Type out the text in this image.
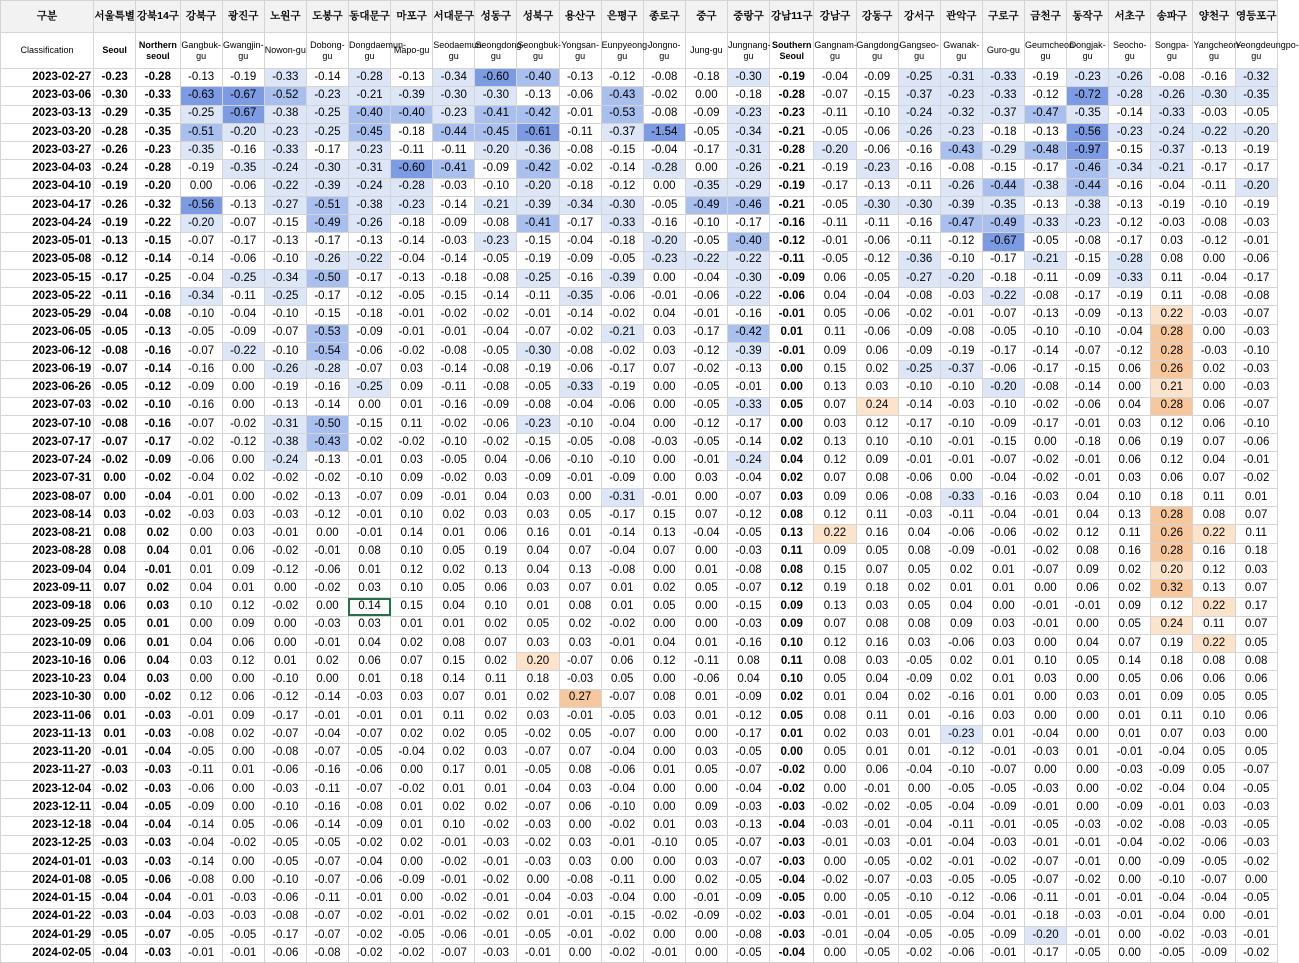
구분	서울특별	강북14구	강북구	광진구	노원구	도봉구	동대문구	마포구	서대문구	성동구	성북구	용산구	은평구	종로구	중구	중랑구	강남11구	강남구	강동구	강서구	관악구	구로구	금천구	동작구	서초구	송파구	양천구	영등포구
Classification	Seoul	Northern seoul	Gangbuk-gu	Gwangjin-gu	Nowon-gu	Dobong-gu	Dongdaemun-gu	Mapo-gu	Seodaemun-gu	Seongdong-gu	Seongbuk-gu	Yongsan-gu	Eunpyeong-gu	Jongno-gu	Jung-gu	Jungnang-gu	Southern Seoul	Gangnam-gu	Gangdong-gu	Gangseo-gu	Gwanak-gu	Guro-gu	Geumcheon-gu	Dongjak-gu	Seocho-gu	Songpa-gu	Yangcheon-gu	Yeongdeungpo-gu
2023-02-27	-0.23	-0.28	-0.13	-0.19	-0.33	-0.14	-0.28	-0.13	-0.34	-0.60	-0.40	-0.13	-0.12	-0.08	-0.18	-0.30	-0.19	-0.04	-0.09	-0.25	-0.31	-0.33	-0.19	-0.23	-0.26	-0.08	-0.16	-0.32
2023-03-06	-0.30	-0.33	-0.63	-0.67	-0.52	-0.23	-0.21	-0.39	-0.30	-0.30	-0.13	-0.06	-0.43	-0.02	0.00	-0.18	-0.28	-0.07	-0.15	-0.37	-0.23	-0.33	-0.12	-0.72	-0.28	-0.26	-0.30	-0.35
2023-03-13	-0.29	-0.35	-0.25	-0.67	-0.38	-0.25	-0.40	-0.40	-0.23	-0.41	-0.42	-0.01	-0.53	-0.08	-0.09	-0.23	-0.23	-0.11	-0.10	-0.24	-0.32	-0.37	-0.47	-0.35	-0.14	-0.33	-0.03	-0.05
2023-03-20	-0.28	-0.35	-0.51	-0.20	-0.23	-0.25	-0.45	-0.18	-0.44	-0.45	-0.61	-0.11	-0.37	-1.54	-0.05	-0.34	-0.21	-0.05	-0.06	-0.26	-0.23	-0.18	-0.13	-0.56	-0.23	-0.24	-0.22	-0.20
2023-03-27	-0.26	-0.23	-0.35	-0.16	-0.33	-0.17	-0.23	-0.11	-0.11	-0.20	-0.36	-0.08	-0.15	-0.04	-0.17	-0.31	-0.28	-0.20	-0.06	-0.16	-0.43	-0.29	-0.48	-0.97	-0.15	-0.37	-0.13	-0.19
2023-04-03	-0.24	-0.28	-0.19	-0.35	-0.24	-0.30	-0.31	-0.60	-0.41	-0.09	-0.42	-0.02	-0.14	-0.28	0.00	-0.26	-0.21	-0.19	-0.23	-0.16	-0.08	-0.15	-0.17	-0.46	-0.34	-0.21	-0.17	-0.17
2023-04-10	-0.19	-0.20	0.00	-0.06	-0.22	-0.39	-0.24	-0.28	-0.03	-0.10	-0.20	-0.18	-0.12	0.00	-0.35	-0.29	-0.19	-0.17	-0.13	-0.11	-0.26	-0.44	-0.38	-0.44	-0.16	-0.04	-0.11	-0.20
2023-04-17	-0.26	-0.32	-0.56	-0.13	-0.27	-0.51	-0.38	-0.23	-0.14	-0.21	-0.39	-0.34	-0.30	-0.05	-0.49	-0.46	-0.21	-0.05	-0.30	-0.30	-0.39	-0.35	-0.13	-0.38	-0.13	-0.19	-0.10	-0.19
2023-04-24	-0.19	-0.22	-0.20	-0.07	-0.15	-0.49	-0.26	-0.18	-0.09	-0.08	-0.41	-0.17	-0.33	-0.16	-0.10	-0.17	-0.16	-0.11	-0.11	-0.16	-0.47	-0.49	-0.33	-0.23	-0.12	-0.03	-0.08	-0.03
2023-05-01	-0.13	-0.15	-0.07	-0.17	-0.13	-0.17	-0.13	-0.14	-0.03	-0.23	-0.15	-0.04	-0.18	-0.20	-0.05	-0.40	-0.12	-0.01	-0.06	-0.11	-0.12	-0.67	-0.05	-0.08	-0.17	0.03	-0.12	-0.01
2023-05-08	-0.12	-0.14	-0.14	-0.06	-0.10	-0.26	-0.22	-0.04	-0.14	-0.05	-0.19	-0.09	-0.05	-0.23	-0.22	-0.22	-0.11	-0.05	-0.12	-0.36	-0.10	-0.17	-0.21	-0.15	-0.28	0.08	0.00	-0.06
2023-05-15	-0.17	-0.25	-0.04	-0.25	-0.34	-0.50	-0.17	-0.13	-0.18	-0.08	-0.25	-0.16	-0.39	0.00	-0.04	-0.30	-0.09	0.06	-0.05	-0.27	-0.20	-0.18	-0.11	-0.09	-0.33	0.11	-0.04	-0.17
2023-05-22	-0.11	-0.16	-0.34	-0.11	-0.25	-0.17	-0.12	-0.05	-0.15	-0.14	-0.11	-0.35	-0.06	-0.01	-0.06	-0.22	-0.06	0.04	-0.04	-0.08	-0.03	-0.22	-0.08	-0.17	-0.19	0.11	-0.08	-0.08
2023-05-29	-0.04	-0.08	-0.10	-0.04	-0.10	-0.15	-0.18	-0.01	-0.02	-0.02	-0.01	-0.14	-0.02	0.04	-0.01	-0.16	-0.01	0.05	-0.06	-0.02	-0.01	-0.07	-0.13	-0.09	-0.13	0.22	-0.03	-0.07
2023-06-05	-0.05	-0.13	-0.05	-0.09	-0.07	-0.53	-0.09	-0.01	-0.01	-0.04	-0.07	-0.02	-0.21	0.03	-0.17	-0.42	0.01	0.11	-0.06	-0.09	-0.08	-0.05	-0.10	-0.10	-0.04	0.28	0.00	-0.03
2023-06-12	-0.08	-0.16	-0.07	-0.22	-0.10	-0.54	-0.06	-0.02	-0.08	-0.05	-0.30	-0.08	-0.02	0.03	-0.12	-0.39	-0.01	0.09	0.06	-0.09	-0.19	-0.17	-0.14	-0.07	-0.12	0.28	-0.03	-0.10
2023-06-19	-0.07	-0.14	-0.16	0.00	-0.26	-0.28	-0.07	0.03	-0.14	-0.08	-0.19	-0.06	-0.17	0.07	-0.02	-0.13	0.00	0.15	0.02	-0.25	-0.37	-0.06	-0.17	-0.15	0.06	0.26	0.02	-0.03
2023-06-26	-0.05	-0.12	-0.09	0.00	-0.19	-0.16	-0.25	0.09	-0.11	-0.08	-0.05	-0.33	-0.19	0.00	-0.05	-0.01	0.00	0.13	0.03	-0.10	-0.10	-0.20	-0.08	-0.14	0.00	0.21	0.00	-0.03
2023-07-03	-0.02	-0.10	-0.16	0.00	-0.13	-0.14	0.00	0.01	-0.16	-0.09	-0.08	-0.04	-0.06	0.00	-0.05	-0.33	0.05	0.07	0.24	-0.14	-0.03	-0.10	-0.02	-0.06	0.04	0.28	0.06	-0.07
2023-07-10	-0.08	-0.16	-0.07	-0.02	-0.31	-0.50	-0.15	0.11	-0.02	-0.06	-0.23	-0.10	-0.04	0.00	-0.12	-0.17	0.00	0.03	0.12	-0.17	-0.10	-0.09	-0.17	-0.01	0.03	0.12	0.06	-0.10
2023-07-17	-0.07	-0.17	-0.02	-0.12	-0.38	-0.43	-0.02	-0.02	-0.10	-0.02	-0.15	-0.05	-0.08	-0.03	-0.05	-0.14	0.02	0.13	0.10	-0.10	-0.01	-0.15	0.00	-0.18	0.06	0.19	0.07	-0.06
2023-07-24	-0.02	-0.09	-0.06	0.00	-0.24	-0.13	-0.01	0.03	-0.05	0.04	-0.06	-0.10	-0.10	0.00	-0.01	-0.24	0.04	0.12	0.09	-0.01	-0.01	-0.07	-0.02	-0.01	0.06	0.12	0.04	-0.01
2023-07-31	0.00	-0.02	-0.04	0.02	-0.02	-0.02	-0.10	0.09	-0.02	0.03	-0.09	-0.01	-0.09	0.00	0.03	-0.04	0.02	0.07	0.08	-0.06	0.00	-0.04	-0.02	-0.01	0.03	0.06	0.07	-0.02
2023-08-07	0.00	-0.04	-0.01	0.00	-0.02	-0.13	-0.07	0.09	-0.01	0.04	0.03	0.00	-0.31	-0.01	0.00	-0.07	0.03	0.09	0.06	-0.08	-0.33	-0.16	-0.03	0.04	0.10	0.18	0.11	0.01
2023-08-14	0.03	-0.02	-0.03	0.03	-0.03	-0.12	-0.01	0.10	0.02	0.03	0.03	0.05	-0.17	0.15	0.07	-0.12	0.08	0.12	0.11	-0.03	-0.11	-0.04	-0.01	0.04	0.13	0.28	0.08	0.07
2023-08-21	0.08	0.02	0.00	0.03	-0.01	0.00	-0.01	0.14	0.01	0.06	0.16	0.01	-0.14	0.13	-0.04	-0.05	0.13	0.22	0.16	0.04	-0.06	-0.06	-0.02	0.12	0.11	0.26	0.22	0.11
2023-08-28	0.08	0.04	0.01	0.06	-0.02	-0.01	0.08	0.10	0.05	0.19	0.04	0.07	-0.04	0.07	0.00	-0.03	0.11	0.09	0.05	0.08	-0.09	-0.01	-0.02	0.08	0.16	0.28	0.16	0.18
2023-09-04	0.04	-0.01	0.01	0.09	-0.12	-0.06	0.01	0.12	0.02	0.13	0.04	0.13	-0.08	0.00	0.01	-0.08	0.08	0.15	0.07	0.05	0.02	0.01	-0.07	0.09	0.02	0.20	0.12	0.03
2023-09-11	0.07	0.02	0.04	0.01	0.00	-0.02	0.03	0.10	0.05	0.06	0.03	0.07	0.01	0.02	0.05	-0.07	0.12	0.19	0.18	0.02	0.01	0.01	0.00	0.06	0.02	0.32	0.13	0.07
2023-09-18	0.06	0.03	0.10	0.12	-0.02	0.00	0.14	0.15	0.04	0.10	0.01	0.08	0.01	0.05	0.00	-0.15	0.09	0.13	0.03	0.05	0.04	0.00	-0.01	-0.01	0.09	0.12	0.22	0.17
2023-09-25	0.05	0.01	0.00	0.09	0.00	-0.03	0.03	0.01	0.01	0.02	0.05	0.02	-0.02	0.00	0.00	-0.03	0.09	0.07	0.08	0.08	0.09	0.03	-0.01	0.00	0.05	0.24	0.11	0.07
2023-10-09	0.06	0.01	0.04	0.06	0.00	-0.01	0.04	0.02	0.08	0.07	0.03	0.03	-0.01	0.04	0.01	-0.16	0.10	0.12	0.16	0.03	-0.06	0.03	0.00	0.04	0.07	0.19	0.22	0.05
2023-10-16	0.06	0.04	0.03	0.12	0.01	0.02	0.06	0.07	0.15	0.02	0.20	-0.07	0.06	0.12	-0.11	0.08	0.11	0.08	0.03	-0.05	0.02	0.01	0.10	0.05	0.14	0.18	0.08	0.08
2023-10-23	0.04	0.03	0.00	0.00	-0.10	0.00	0.01	0.18	0.14	0.11	0.18	-0.03	0.05	0.00	-0.06	0.04	0.10	0.05	0.04	-0.09	0.02	0.01	0.03	0.00	0.05	0.06	0.06	0.06
2023-10-30	0.00	-0.02	0.12	0.06	-0.12	-0.14	-0.03	0.03	0.07	0.01	0.02	0.27	-0.07	0.08	0.01	-0.09	0.02	0.01	0.04	0.02	-0.16	0.01	0.00	0.03	0.01	0.09	0.05	0.05
2023-11-06	0.01	-0.03	-0.01	0.09	-0.17	-0.01	-0.01	0.01	0.11	0.02	0.03	-0.01	-0.05	0.03	0.01	-0.12	0.05	0.08	0.11	0.01	-0.16	0.03	0.00	0.00	0.01	0.11	0.10	0.06
2023-11-13	0.01	-0.03	-0.08	0.02	-0.07	-0.04	-0.07	0.02	0.02	0.05	-0.02	0.05	-0.07	0.00	0.00	-0.17	0.01	0.02	0.03	0.01	-0.23	0.01	-0.04	0.00	0.01	0.07	0.03	0.00
2023-11-20	-0.01	-0.04	-0.05	0.00	-0.08	-0.07	-0.05	-0.04	0.02	0.03	-0.07	0.07	-0.04	0.00	0.03	-0.05	0.00	0.05	0.01	0.01	-0.12	-0.01	-0.03	0.01	-0.01	-0.04	0.05	0.05
2023-11-27	-0.03	-0.03	-0.11	0.01	-0.06	-0.16	-0.06	0.00	0.17	0.01	-0.05	0.08	-0.06	0.01	0.05	-0.07	-0.02	0.00	0.06	-0.04	-0.10	-0.07	0.00	0.00	-0.03	-0.09	0.05	-0.07
2023-12-04	-0.02	-0.03	-0.06	0.00	-0.03	-0.11	-0.07	-0.02	0.01	0.01	-0.04	0.03	-0.04	0.00	0.00	-0.04	-0.02	0.00	-0.01	0.00	-0.05	-0.05	-0.03	0.00	-0.02	-0.04	0.04	-0.05
2023-12-11	-0.04	-0.05	-0.09	0.00	-0.10	-0.16	-0.08	0.01	0.02	0.02	-0.07	0.06	-0.10	0.00	0.09	-0.03	-0.03	-0.02	-0.02	-0.05	-0.04	-0.09	-0.01	0.00	-0.09	-0.01	0.03	-0.03
2023-12-18	-0.04	-0.04	-0.14	0.05	-0.06	-0.14	-0.09	0.01	0.10	-0.02	-0.03	0.00	-0.02	0.01	0.03	-0.13	-0.04	-0.03	-0.01	-0.04	-0.11	-0.01	-0.05	-0.03	-0.02	-0.08	-0.03	-0.05
2023-12-25	-0.03	-0.03	-0.04	-0.02	-0.05	-0.05	-0.02	0.02	-0.01	-0.03	-0.02	0.03	-0.01	-0.10	0.05	-0.07	-0.03	-0.01	-0.03	-0.01	-0.04	-0.03	-0.01	-0.01	-0.04	-0.02	-0.06	-0.03
2024-01-01	-0.03	-0.03	-0.14	0.00	-0.05	-0.07	-0.04	0.00	-0.02	-0.01	-0.03	0.03	0.00	0.00	0.03	-0.07	-0.03	0.00	-0.05	-0.02	-0.01	-0.02	-0.07	-0.01	0.00	-0.09	-0.05	-0.02
2024-01-08	-0.05	-0.06	-0.08	0.00	-0.10	-0.07	-0.06	-0.09	-0.01	-0.02	0.00	-0.08	-0.11	0.00	0.02	-0.05	-0.04	-0.02	-0.07	-0.03	-0.05	-0.05	-0.07	-0.02	0.00	-0.10	-0.07	0.00
2024-01-15	-0.04	-0.04	-0.01	-0.03	-0.06	-0.11	-0.01	0.00	-0.02	-0.01	-0.04	-0.03	-0.04	0.00	-0.01	-0.09	-0.05	0.00	-0.05	-0.10	-0.12	-0.06	-0.11	-0.01	-0.01	-0.04	-0.04	-0.05
2024-01-22	-0.03	-0.04	-0.03	-0.03	-0.08	-0.07	-0.02	-0.01	-0.02	-0.02	0.01	-0.01	-0.15	-0.02	-0.09	-0.02	-0.03	-0.01	-0.01	-0.05	-0.04	-0.01	-0.18	-0.03	-0.01	-0.04	0.00	-0.01
2024-01-29	-0.05	-0.07	-0.05	-0.05	-0.17	-0.07	-0.02	-0.05	-0.06	-0.01	-0.05	-0.01	-0.02	0.00	0.00	-0.08	-0.03	-0.01	-0.04	-0.05	-0.05	-0.09	-0.20	-0.01	0.00	-0.02	-0.03	-0.01
2024-02-05	-0.04	-0.03	-0.01	-0.01	-0.06	-0.08	-0.02	-0.02	-0.07	-0.03	-0.01	0.00	-0.02	-0.01	0.00	-0.05	-0.04	0.00	-0.05	-0.02	-0.06	-0.01	-0.17	-0.05	0.00	-0.05	-0.09	-0.02
